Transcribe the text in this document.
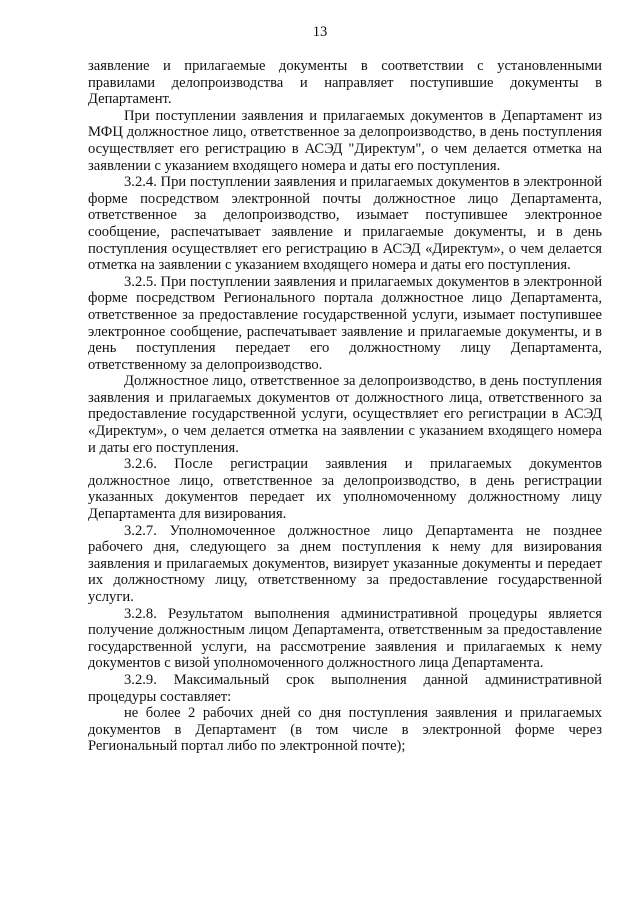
13

заявление и прилагаемые документы в соответствии с установленными правилами делопроизводства и направляет поступившие документы в Департамент.

При поступлении заявления и прилагаемых документов в Департамент из МФЦ должностное лицо, ответственное за делопроизводство, в день поступления осуществляет его регистрацию в АСЭД "Директум", о чем делается отметка на заявлении с указанием входящего номера и даты его поступления.

3.2.4. При поступлении заявления и прилагаемых документов в электронной форме посредством электронной почты должностное лицо Департамента, ответственное за делопроизводство, изымает поступившее электронное сообщение, распечатывает заявление и прилагаемые документы, и в день поступления осуществляет его регистрацию в АСЭД «Директум», о чем делается отметка на заявлении с указанием входящего номера и даты его поступления.

3.2.5. При поступлении заявления и прилагаемых документов в электронной форме посредством Регионального портала должностное лицо Департамента, ответственное за предоставление государственной услуги, изымает поступившее электронное сообщение, распечатывает заявление и прилагаемые документы, и в день поступления передает его должностному лицу Департамента, ответственному за делопроизводство.

Должностное лицо, ответственное за делопроизводство, в день поступления заявления и прилагаемых документов от должностного лица, ответственного за предоставление государственной услуги, осуществляет его регистрации в АСЭД «Директум», о чем делается отметка на заявлении с указанием входящего номера и даты его поступления.

3.2.6. После регистрации заявления и прилагаемых документов должностное лицо, ответственное за делопроизводство, в день регистрации указанных документов передает их уполномоченному должностному лицу Департамента для визирования.

3.2.7. Уполномоченное должностное лицо Департамента не позднее рабочего дня, следующего за днем поступления к нему для визирования заявления и прилагаемых документов, визирует указанные документы и передает их должностному лицу, ответственному за предоставление государственной услуги.

3.2.8. Результатом выполнения административной процедуры является получение должностным лицом Департамента, ответственным за предоставление государственной услуги, на рассмотрение заявления и прилагаемых к нему документов с визой уполномоченного должностного лица Департамента.

3.2.9. Максимальный срок выполнения данной административной процедуры составляет:

не более 2 рабочих дней со дня поступления заявления и прилагаемых документов в Департамент (в том числе в электронной форме через Региональный портал либо по электронной почте);
